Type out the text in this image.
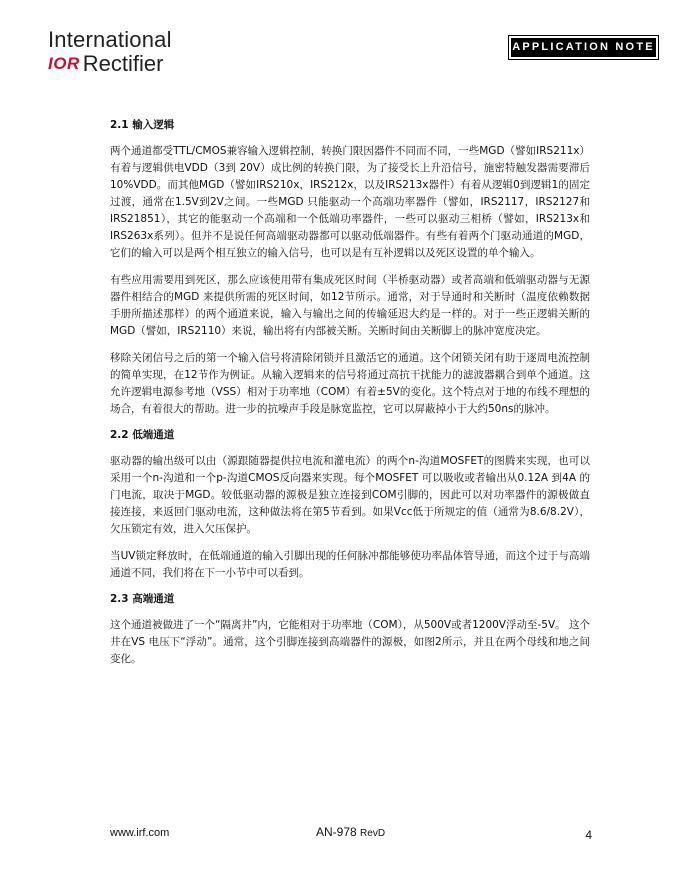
International
IOR Rectifier
APPLICATION NOTE
2.1 输入逻辑

两个通道都受TTL/CMOS兼容输入逻辑控制，转换门限因器件不同而不同，一些MGD（譬如IRS211x）有着与逻辑供电VDD（3到 20V）成比例的转换门限，为了接受长上升沿信号，施密特触发器需要滞后10%VDD。而其他MGD（譬如IRS210x，IRS212x，以及IRS213x器件）有着从逻辑0到逻辑1的固定过渡，通常在1.5V到2V之间。一些MGD 只能驱动一个高端功率器件（譬如，IRS2117，IRS2127和IRS21851），其它的能驱动一个高端和一个低端功率器件，一些可以驱动三相桥（譬如，IRS213x和IRS263x系列）。但并不是说任何高端驱动器都可以驱动低端器件。有些有着两个门驱动通道的MGD，它们的输入可以是两个相互独立的输入信号，也可以是有互补逻辑以及死区设置的单个输入。

有些应用需要用到死区，那么应该使用带有集成死区时间（半桥驱动器）或者高端和低端驱动器与无源器件相结合的MGD 来提供所需的死区时间，如12节所示。通常，对于导通时和关断时（温度依赖数据手册所描述那样）的两个通道来说，输入与输出之间的传输延迟大约是一样的。对于一些正逻辑关断的MGD（譬如，IRS2110）来说，输出将有内部被关断。关断时间由关断脚上的脉冲宽度决定。

移除关闭信号之后的第一个输入信号将清除闭锁并且激活它的通道。这个闭锁关闭有助于逐周电流控制的简单实现，在12节作为例证。从输入逻辑来的信号将通过高抗干扰能力的滤波器耦合到单个通道。这允许逻辑电源参考地（VSS）相对于功率地（COM）有着±5V的变化。这个特点对于地的布线不理想的场合，有着很大的帮助。进一步的抗噪声手段是脉宽监控，它可以屏蔽掉小于大约50ns的脉冲。

2.2 低端通道

驱动器的输出级可以由（源跟随器提供拉电流和灌电流）的两个n-沟道MOSFET的图腾来实现，也可以采用一个n-沟道和一个p-沟道CMOS反向器来实现。每个MOSFET 可以吸收或者输出从0.12A 到4A 的门电流，取决于MGD。较低驱动器的源极是独立连接到COM引脚的，因此可以对功率器件的源极做直接连接，来返回门驱动电流，这种做法将在第5节看到。如果Vcc低于所规定的值（通常为8.6/8.2V），欠压锁定有效，进入欠压保护。

当UV锁定释放时，在低端通道的输入引脚出现的任何脉冲都能够使功率晶体管导通，而这个过于与高端通道不同，我们将在下一小节中可以看到。

2.3 高端通道

这个通道被做进了一个“隔离井”内，它能相对于功率地（COM），从500V或者1200V浮动至-5V。 这个井在VS 电压下“浮动”。通常，这个引脚连接到高端器件的源极，如图2所示，并且在两个母线和地之间变化。

www.irf.com	AN-978 RevD	4
